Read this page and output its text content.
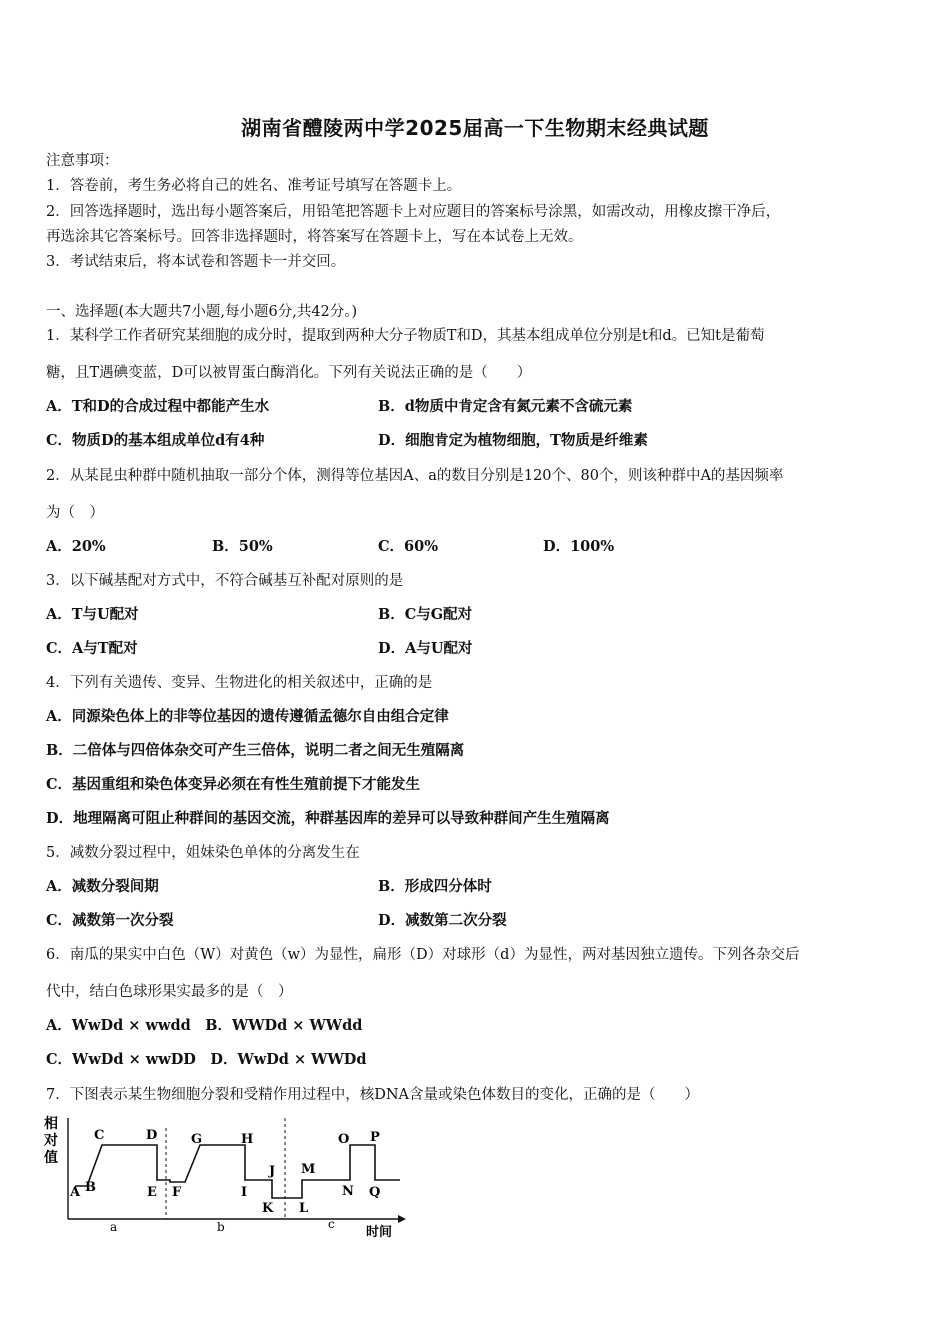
湖南省醴陵两中学2025届高一下生物期末经典试题
注意事项：
1．答卷前，考生务必将自己的姓名、准考证号填写在答题卡上。
2．回答选择题时，选出每小题答案后，用铅笔把答题卡上对应题目的答案标号涂黑，如需改动，用橡皮擦干净后，
再选涂其它答案标号。回答非选择题时，将答案写在答题卡上，写在本试卷上无效。
3．考试结束后，将本试卷和答题卡一并交回。
一、选择题(本大题共7小题,每小题6分,共42分。)
1．某科学工作者研究某细胞的成分时，提取到两种大分子物质T和D，其基本组成单位分别是t和d。已知t是葡萄
糖，且T遇碘变蓝，D可以被胃蛋白酶消化。下列有关说法正确的是（　　）
A．T和D的合成过程中都能产生水	B．d物质中肯定含有氮元素不含硫元素
C．物质D的基本组成单位d有4种	D．细胞肯定为植物细胞，T物质是纤维素
2．从某昆虫种群中随机抽取一部分个体，测得等位基因A、a的数目分别是120个、80个，则该种群中A的基因频率
为（　）
A．20%	B．50%	C．60%	D．100%
3．以下碱基配对方式中，不符合碱基互补配对原则的是
A．T与U配对	B．C与G配对
C．A与T配对	D．A与U配对
4．下列有关遗传、变异、生物进化的相关叙述中，正确的是
A．同源染色体上的非等位基因的遗传遵循孟德尔自由组合定律
B．二倍体与四倍体杂交可产生三倍体，说明二者之间无生殖隔离
C．基因重组和染色体变异必须在有性生殖前提下才能发生
D．地理隔离可阻止种群间的基因交流，种群基因库的差异可以导致种群间产生生殖隔离
5．减数分裂过程中，姐妹染色单体的分离发生在
A．减数分裂间期	B．形成四分体时
C．减数第一次分裂	D．减数第二次分裂
6．南瓜的果实中白色（W）对黄色（w）为显性，扁形（D）对球形（d）为显性，两对基因独立遗传。下列各杂交后
代中，结白色球形果实最多的是（　）
A．WwDd × wwdd　B．WWDd × WWdd
C．WwDd × wwDD　D．WwDd × WWDd
7．下图表示某生物细胞分裂和受精作用过程中，核DNA含量或染色体数目的变化，正确的是（　　）
相
对
值
A B
C	D
E F
G	H
I
J
K L
M
N
O P
Q
a	b	c
时间
